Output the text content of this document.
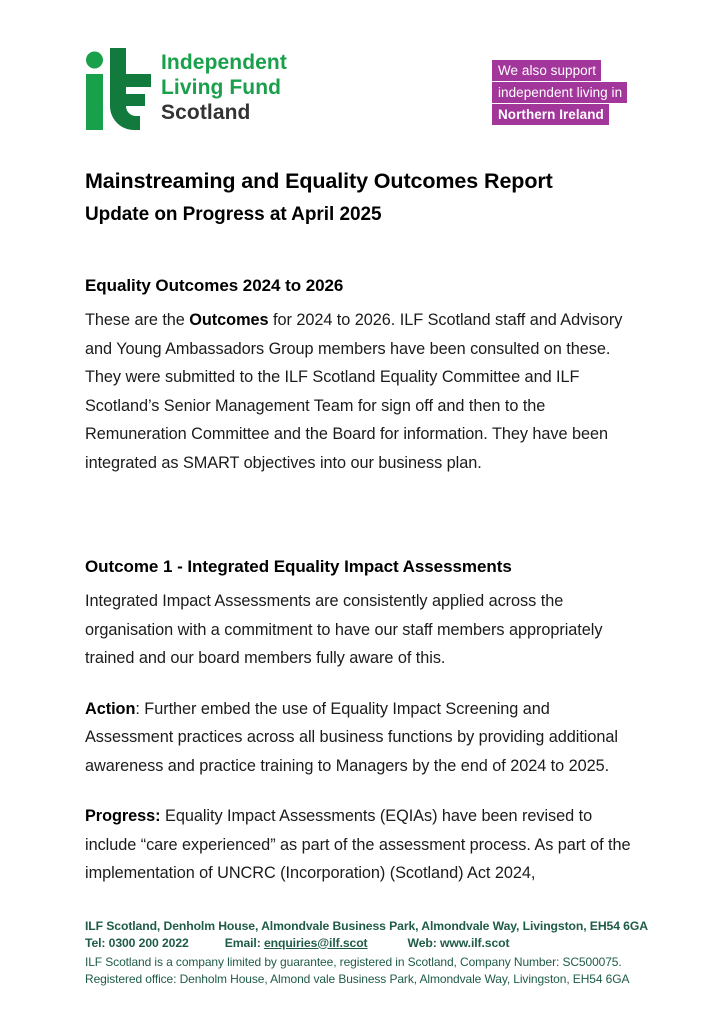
Independent
Living Fund
Scotland
We also support
independent living in
Northern Ireland
Mainstreaming and Equality Outcomes Report
Update on Progress at April 2025
Equality Outcomes 2024 to 2026

These are the Outcomes for 2024 to 2026. ILF Scotland staff and Advisory and Young Ambassadors Group members have been consulted on these. They were submitted to the ILF Scotland Equality Committee and ILF Scotland’s Senior Management Team for sign off and then to the Remuneration Committee and the Board for information. They have been integrated as SMART objectives into our business plan.

Outcome 1 - Integrated Equality Impact Assessments

Integrated Impact Assessments are consistently applied across the organisation with a commitment to have our staff members appropriately trained and our board members fully aware of this.

Action: Further embed the use of Equality Impact Screening and Assessment practices across all business functions by providing additional awareness and practice training to Managers by the end of 2024 to 2025.

Progress: Equality Impact Assessments (EQIAs) have been revised to include “care experienced” as part of the assessment process. As part of the implementation of UNCRC (Incorporation) (Scotland) Act 2024,

ILF Scotland, Denholm House, Almondvale Business Park, Almondvale Way, Livingston, EH54 6GA
Tel: 0300 200 2022	Email: enquiries@ilf.scot	Web: www.ilf.scot
ILF Scotland is a company limited by guarantee, registered in Scotland, Company Number: SC500075.
Registered office: Denholm House, Almond vale Business Park, Almondvale Way, Livingston, EH54 6GA
